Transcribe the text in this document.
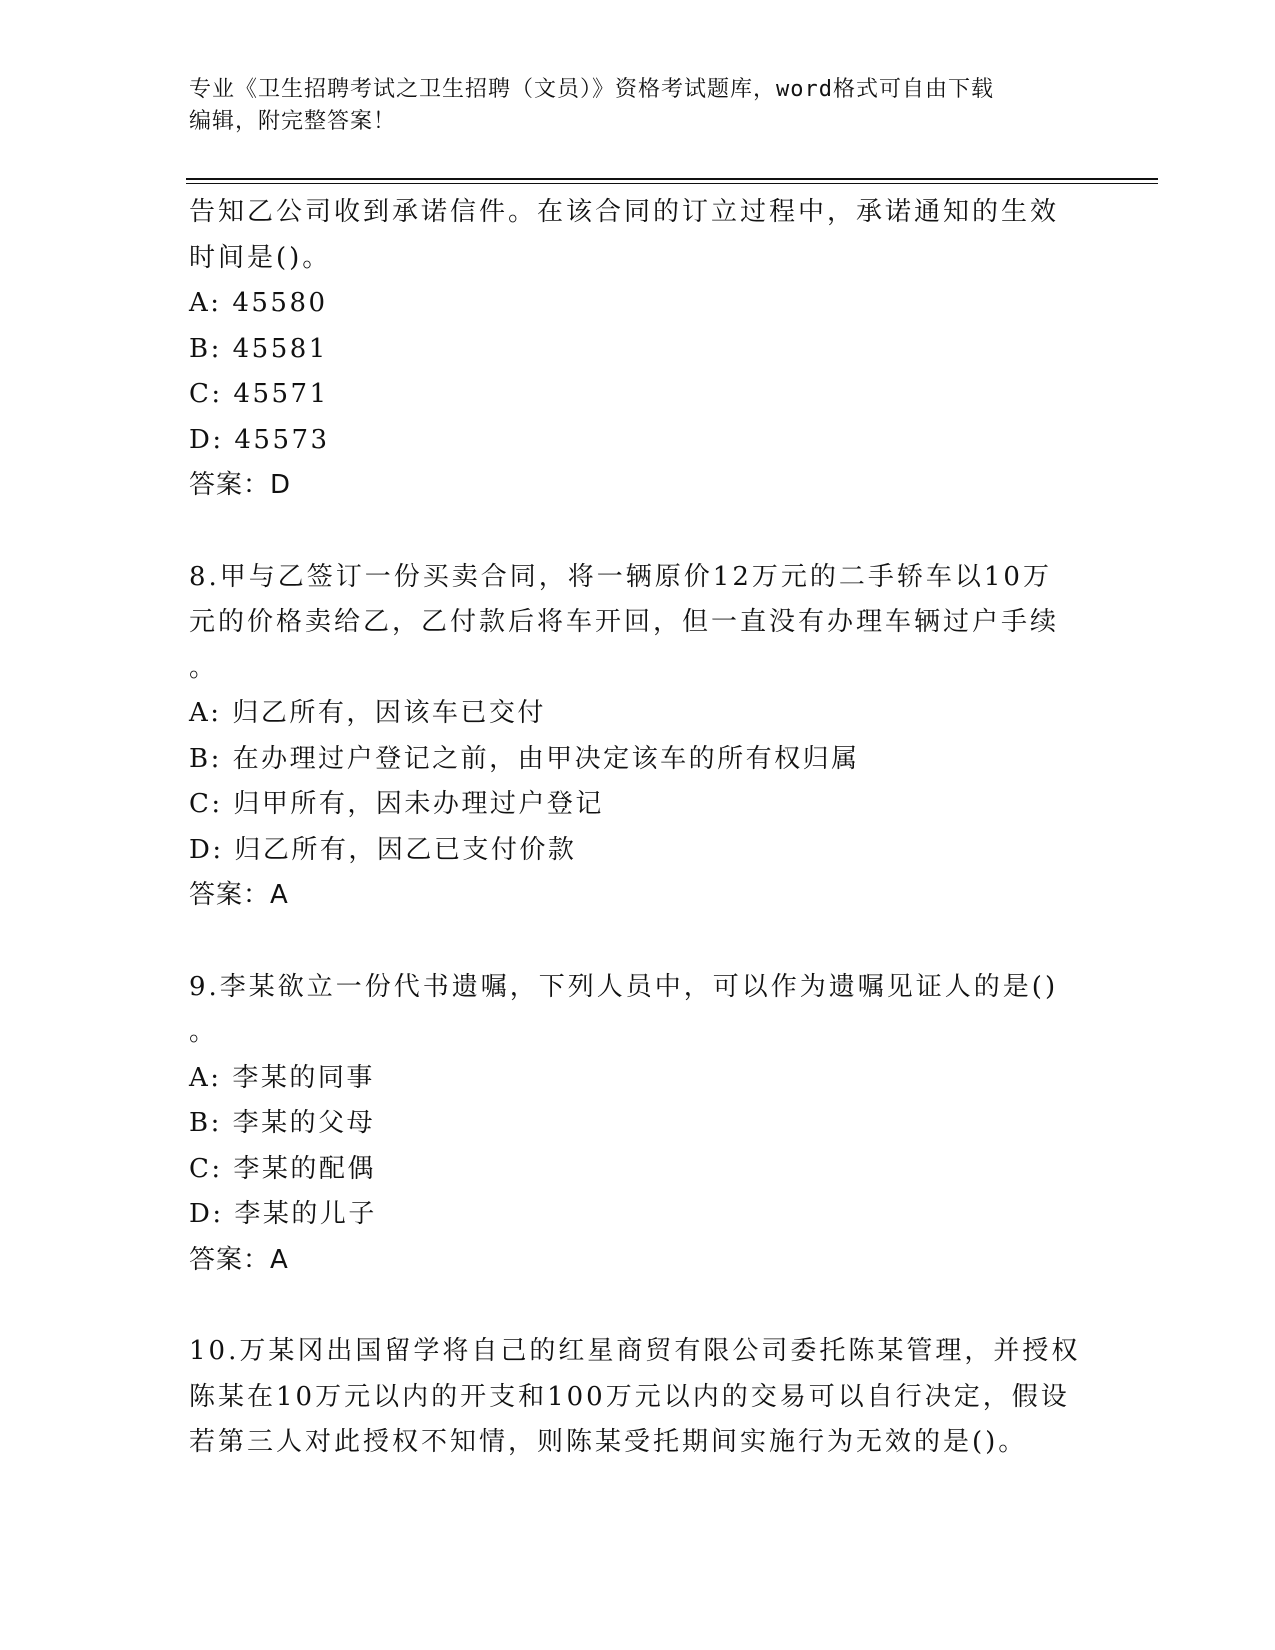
专业《卫生招聘考试之卫生招聘（文员）》资格考试题库，word格式可自由下载
编辑，附完整答案！
告知乙公司收到承诺信件。在该合同的订立过程中，承诺通知的生效
时间是()。
A: 45580
B: 45581
C: 45571
D: 45573
答案：D
8.甲与乙签订一份买卖合同，将一辆原价12万元的二手轿车以10万
元的价格卖给乙，乙付款后将车开回，但一直没有办理车辆过户手续
。
A: 归乙所有，因该车已交付
B: 在办理过户登记之前，由甲决定该车的所有权归属
C: 归甲所有，因未办理过户登记
D: 归乙所有，因乙已支付价款
答案：A
9.李某欲立一份代书遗嘱，下列人员中，可以作为遗嘱见证人的是()
。
A: 李某的同事
B: 李某的父母
C: 李某的配偶
D: 李某的儿子
答案：A
10.万某冈出国留学将自己的红星商贸有限公司委托陈某管理，并授权
陈某在10万元以内的开支和100万元以内的交易可以自行决定，假设
若第三人对此授权不知情，则陈某受托期间实施行为无效的是()。
